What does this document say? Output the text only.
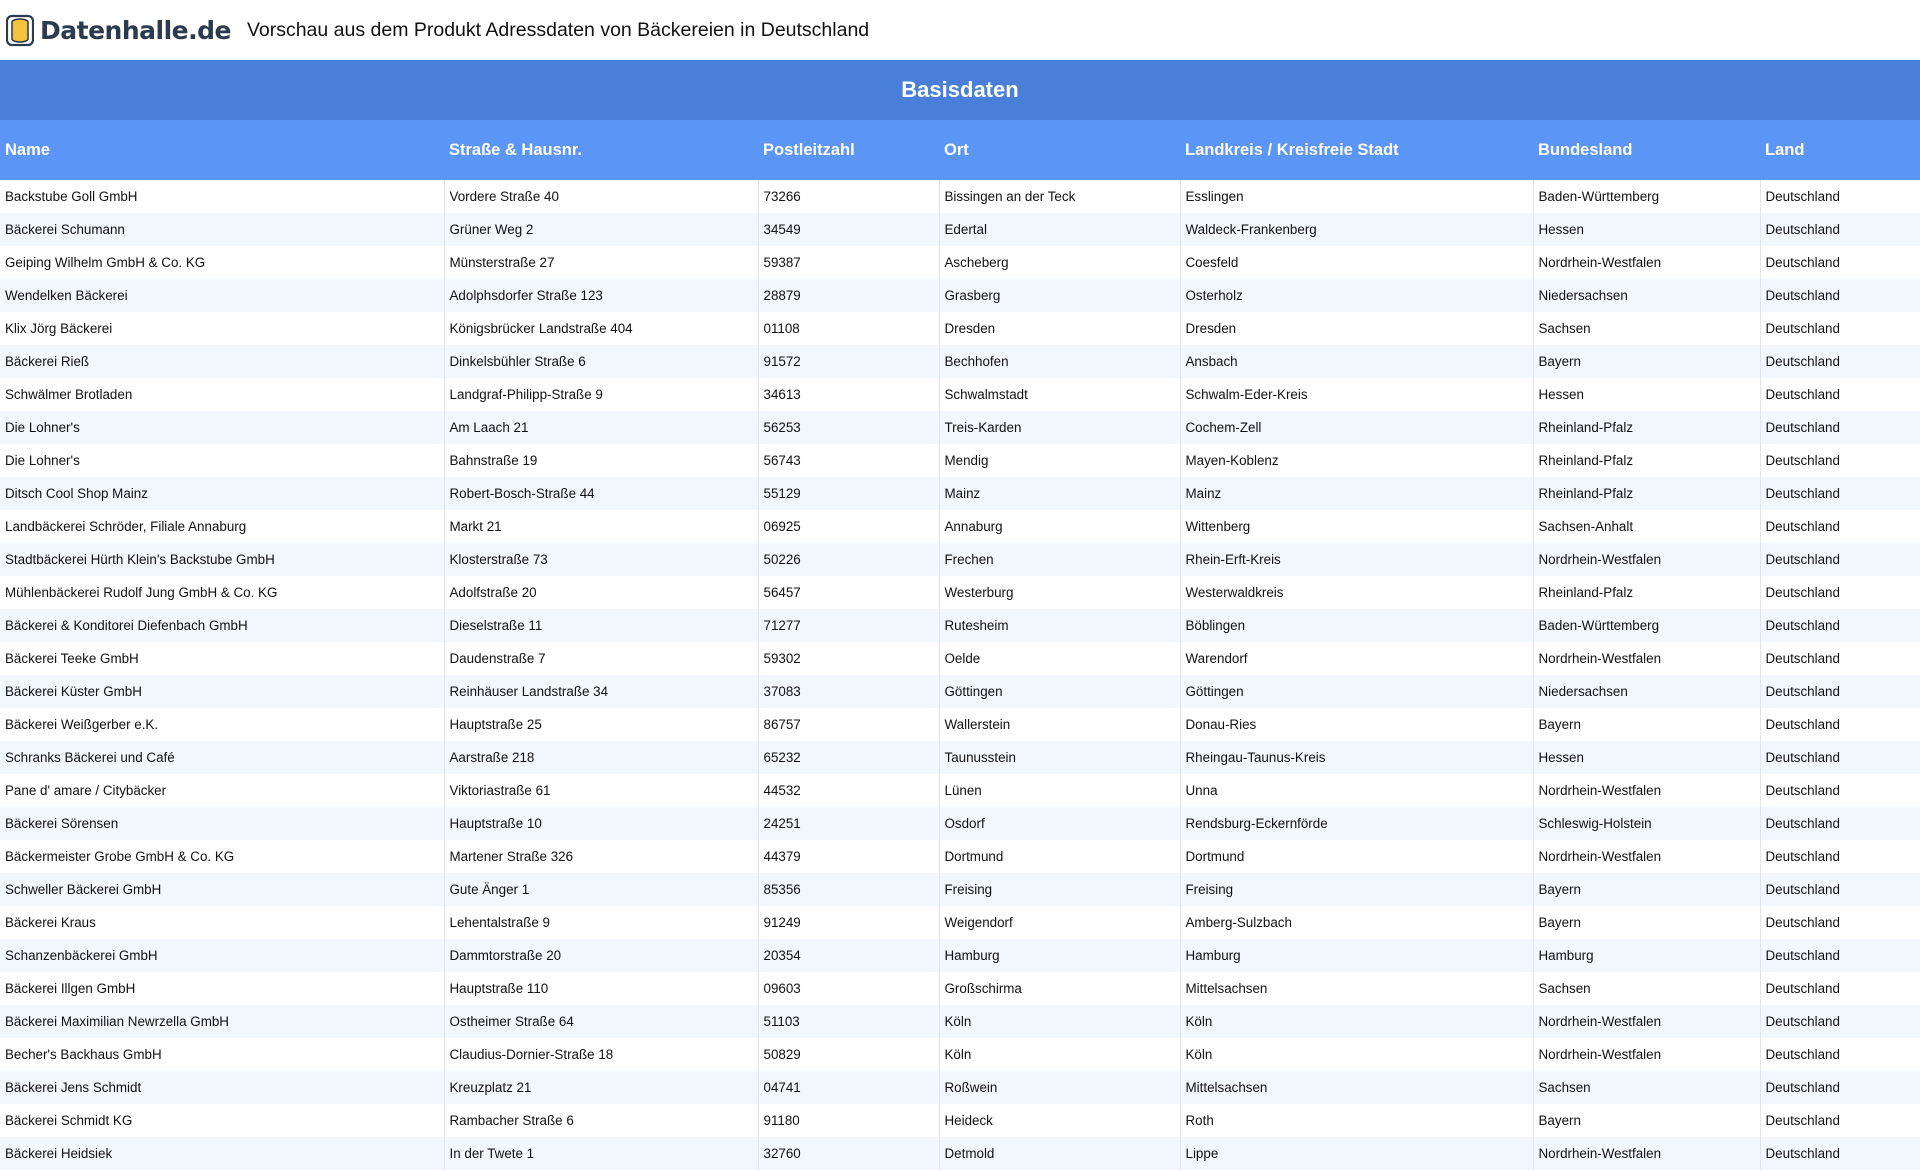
Datenhalle.de Vorschau aus dem Produkt Adressdaten von Bäckereien in Deutschland
Basisdaten
Name	Straße & Hausnr.	Postleitzahl	Ort	Landkreis / Kreisfreie Stadt	Bundesland	Land
Backstube Goll GmbH	Vordere Straße 40	73266	Bissingen an der Teck	Esslingen	Baden-Württemberg	Deutschland
Bäckerei Schumann	Grüner Weg 2	34549	Edertal	Waldeck-Frankenberg	Hessen	Deutschland
Geiping Wilhelm GmbH & Co. KG	Münsterstraße 27	59387	Ascheberg	Coesfeld	Nordrhein-Westfalen	Deutschland
Wendelken Bäckerei	Adolphsdorfer Straße 123	28879	Grasberg	Osterholz	Niedersachsen	Deutschland
Klix Jörg Bäckerei	Königsbrücker Landstraße 404	01108	Dresden	Dresden	Sachsen	Deutschland
Bäckerei Rieß	Dinkelsbühler Straße 6	91572	Bechhofen	Ansbach	Bayern	Deutschland
Schwälmer Brotladen	Landgraf-Philipp-Straße 9	34613	Schwalmstadt	Schwalm-Eder-Kreis	Hessen	Deutschland
Die Lohner's	Am Laach 21	56253	Treis-Karden	Cochem-Zell	Rheinland-Pfalz	Deutschland
Die Lohner's	Bahnstraße 19	56743	Mendig	Mayen-Koblenz	Rheinland-Pfalz	Deutschland
Ditsch Cool Shop Mainz	Robert-Bosch-Straße 44	55129	Mainz	Mainz	Rheinland-Pfalz	Deutschland
Landbäckerei Schröder, Filiale Annaburg	Markt 21	06925	Annaburg	Wittenberg	Sachsen-Anhalt	Deutschland
Stadtbäckerei Hürth Klein's Backstube GmbH	Klosterstraße 73	50226	Frechen	Rhein-Erft-Kreis	Nordrhein-Westfalen	Deutschland
Mühlenbäckerei Rudolf Jung GmbH & Co. KG	Adolfstraße 20	56457	Westerburg	Westerwaldkreis	Rheinland-Pfalz	Deutschland
Bäckerei & Konditorei Diefenbach GmbH	Dieselstraße 11	71277	Rutesheim	Böblingen	Baden-Württemberg	Deutschland
Bäckerei Teeke GmbH	Daudenstraße 7	59302	Oelde	Warendorf	Nordrhein-Westfalen	Deutschland
Bäckerei Küster GmbH	Reinhäuser Landstraße 34	37083	Göttingen	Göttingen	Niedersachsen	Deutschland
Bäckerei Weißgerber e.K.	Hauptstraße 25	86757	Wallerstein	Donau-Ries	Bayern	Deutschland
Schranks Bäckerei und Café	Aarstraße 218	65232	Taunusstein	Rheingau-Taunus-Kreis	Hessen	Deutschland
Pane d' amare / Citybäcker	Viktoriastraße 61	44532	Lünen	Unna	Nordrhein-Westfalen	Deutschland
Bäckerei Sörensen	Hauptstraße 10	24251	Osdorf	Rendsburg-Eckernförde	Schleswig-Holstein	Deutschland
Bäckermeister Grobe GmbH & Co. KG	Martener Straße 326	44379	Dortmund	Dortmund	Nordrhein-Westfalen	Deutschland
Schweller Bäckerei GmbH	Gute Änger 1	85356	Freising	Freising	Bayern	Deutschland
Bäckerei Kraus	Lehentalstraße 9	91249	Weigendorf	Amberg-Sulzbach	Bayern	Deutschland
Schanzenbäckerei GmbH	Dammtorstraße 20	20354	Hamburg	Hamburg	Hamburg	Deutschland
Bäckerei Illgen GmbH	Hauptstraße 110	09603	Großschirma	Mittelsachsen	Sachsen	Deutschland
Bäckerei Maximilian Newrzella GmbH	Ostheimer Straße 64	51103	Köln	Köln	Nordrhein-Westfalen	Deutschland
Becher's Backhaus GmbH	Claudius-Dornier-Straße 18	50829	Köln	Köln	Nordrhein-Westfalen	Deutschland
Bäckerei Jens Schmidt	Kreuzplatz 21	04741	Roßwein	Mittelsachsen	Sachsen	Deutschland
Bäckerei Schmidt KG	Rambacher Straße 6	91180	Heideck	Roth	Bayern	Deutschland
Bäckerei Heidsiek	In der Twete 1	32760	Detmold	Lippe	Nordrhein-Westfalen	Deutschland
